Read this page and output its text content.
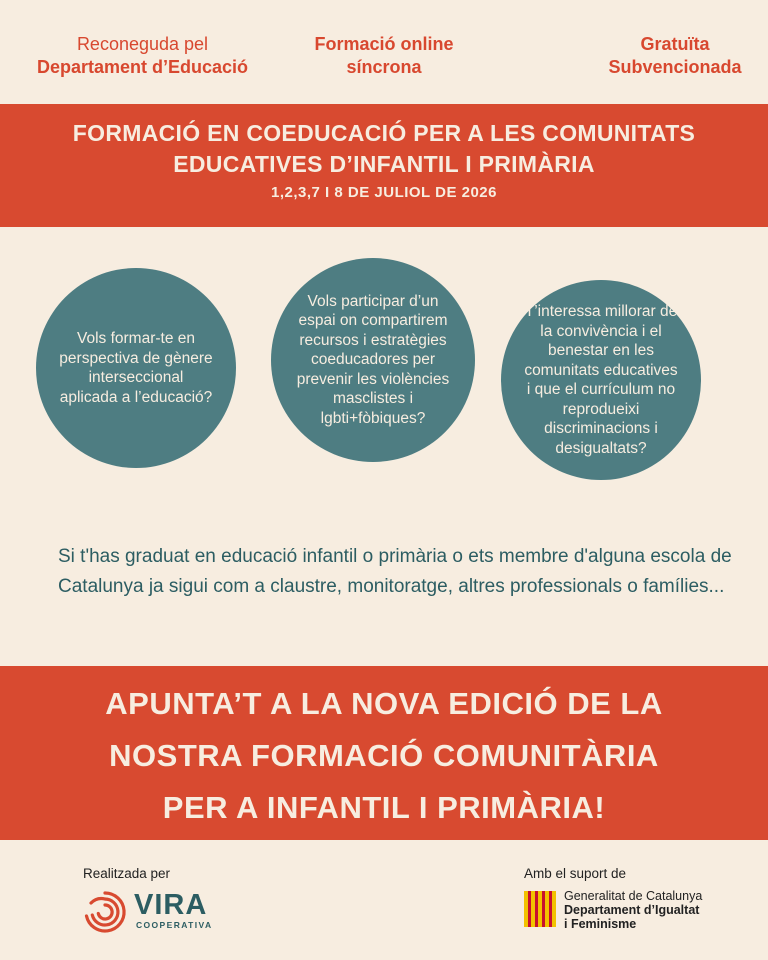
Reconeguda pel
Departament d’Educació
Formació online
síncrona
Gratuïta
Subvencionada
FORMACIÓ EN COEDUCACIÓ PER A LES COMUNITATS
EDUCATIVES D’INFANTIL I PRIMÀRIA
1,2,3,7 I 8 DE JULIOL DE 2026
Vols formar-te en perspectiva de gènere interseccional aplicada a l’educació?
Vols participar d’un espai on compartirem recursos i estratègies coeducadores per prevenir les violències masclistes i lgbti+fòbiques?
T’interessa millorar de la convivència i el benestar en les comunitats educatives i que el currículum no reprodueixi discriminacions i desigualtats?
Si t'has graduat en educació infantil o primària o ets membre d'alguna escola de Catalunya ja sigui com a claustre, monitoratge, altres professionals o famílies...
APUNTA’T A LA NOVA EDICIÓ DE LA
NOSTRA FORMACIÓ COMUNITÀRIA
PER A INFANTIL I PRIMÀRIA!
Realitzada per	Amb el suport de
VIRA
COOPERATIVA
Generalitat de Catalunya
Departament d’Igualtat
i Feminisme
